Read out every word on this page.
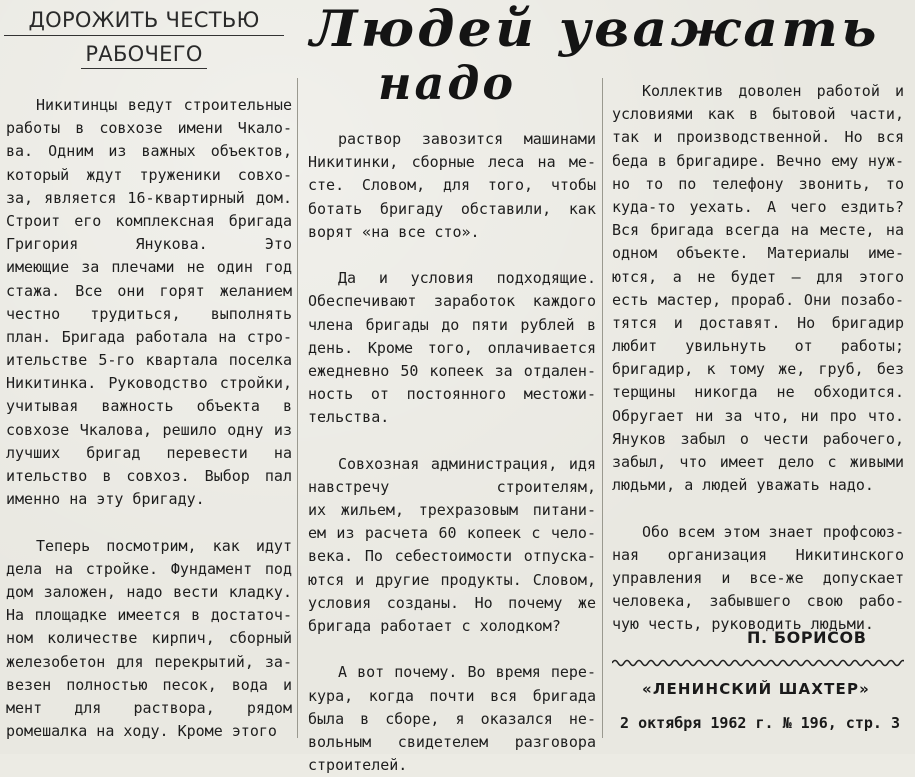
ДОРОЖИТЬ ЧЕСТЬЮ
РАБОЧЕГО	Людей уважать
надо
Никитинцы ведут строительные
работы в совхозе имени Чкало-
ва. Одним из важных объектов,
который ждут труженики совхо-
за, является 16-квартирный дом.
Строит его комплексная бригада
Григория Янукова. Это
имеющие за плечами не один год
стажа. Все они горят желанием
честно трудиться, выполнять
план. Бригада работала на стро-
ительстве 5-го квартала поселка
Никитинка. Руководство стройки,
учитывая важность объекта в
совхозе Чкалова, решило одну из
лучших бригад перевести на
ительство в совхоз. Выбор пал
именно на эту бригаду.

Теперь посмотрим, как идут
дела на стройке. Фундамент под
дом заложен, надо вести кладку.
На площадке имеется в достаточ-
ном количестве кирпич, сборный
железобетон для перекрытий, за-
везен полностью песок, вода и
мент для раствора, рядом
ромешалка на ходу. Кроме этого
раствор завозится машинами
Никитинки, сборные леса на ме-
сте. Словом, для того, чтобы
ботать бригаду обставили, как
ворят «на все сто».

Да и условия подходящие.
Обеспечивают заработок каждого
члена бригады до пяти рублей в
день. Кроме того, оплачивается
ежедневно 50 копеек за отдален-
ность от постоянного местожи-
тельства.

Совхозная администрация, идя
навстречу строителям,
их жильем, трехразовым питани-
ем из расчета 60 копеек с чело-
века. По себестоимости отпуска-
ются и другие продукты. Словом,
условия созданы. Но почему же
бригада работает с холодком?

А вот почему. Во время пере-
кура, когда почти вся бригада
была в сборе, я оказался не-
вольным свидетелем разговора
строителей.
Коллектив доволен работой и
условиями как в бытовой части,
так и производственной. Но вся
беда в бригадире. Вечно ему нуж-
но то по телефону звонить, то
куда-то уехать. А чего ездить?
Вся бригада всегда на месте, на
одном объекте. Материалы име-
ются, а не будет — для этого
есть мастер, прораб. Они позабо-
тятся и доставят. Но бригадир
любит увильнуть от работы;
бригадир, к тому же, груб, без
терщины никогда не обходится.
Обругает ни за что, ни про что.
Януков забыл о чести рабочего,
забыл, что имеет дело с живыми
людьми, а людей уважать надо.

Обо всем этом знает профсоюз-
ная организация Никитинского
управления и все-же допускает
человека, забывшего свою рабо-
чую честь, руководить людьми.
П. БОРИСОВ
«ЛЕНИНСКИЙ ШАХТЕР»
2 октября 1962 г. № 196, стр. 3
